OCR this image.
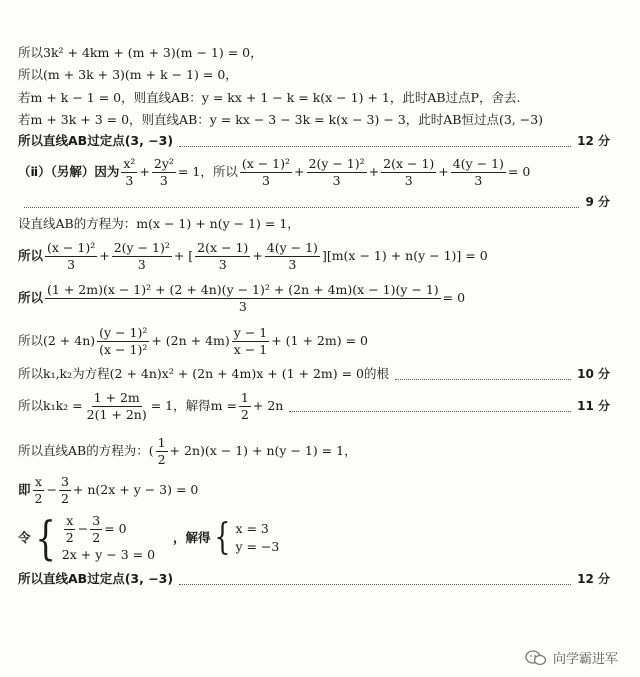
所以3k² + 4km + (m + 3)(m − 1) = 0，
所以(m + 3k + 3)(m + k − 1) = 0，
若m + k − 1 = 0，则直线AB：y = kx + 1 − k = k(x − 1) + 1，此时AB过点P，舍去.
若m + 3k + 3 = 0，则直线AB：y = kx − 3 − 3k = k(x − 3) − 3，此时AB恒过点(3, −3)
所以直线AB过定点(3, −3)	12 分
（ⅱ）（另解）因为 $\frac{\text{x²}}{3} + \frac{\text{2y²}}{3} = 1$，所以 $\frac{\text{(x − 1)²}}{3} + \frac{\text{2(y − 1)²}}{3} + \frac{2(x - 1)}{3} + \frac{4(y - 1)}{3} = 0$
9 分
设直线AB的方程为：m(x − 1) + n(y − 1) = 1，
所以 $\frac{\text{(x − 1)²}}{3} + \frac{\text{2(y − 1)²}}{3}$ + [ $\frac{2(x - 1)}{3} + \frac{4(y - 1)}{3} ][m(x - 1) + n(y - 1)] = 0$
所以
(1 + 2m)(x − 1)² + (2 + 4n)(y − 1)² + (2n + 4m)(x − 1)(y − 1)
3
= 0
所以$(2 + 4n) \frac{\text{(y − 1)²}}{\text{(x − 1)²}} + (2n + 4m) \frac{y - 1}{x - 1} + (1 + 2m) = 0$
所以k₁,k₂为方程(2 + 4n)x² + (2n + 4m)x + (1 + 2m) = 0的根	10 分
所以$k_1k_2 = \frac{1 + 2m}{2(1 + 2n)} = 1$，解得$m = \frac{1}{2} + 2n$	11 分
所以直线AB的方程为：( $\frac{1}{2} + 2n)(x - 1) + n(y - 1) = 1$，
即 $\frac{x}{2} - \frac{3}{2} + n(2x + y - 3) = 0$
令 { $\frac{x}{2} - \frac{3}{2} = 0$
2x + y − 3 = 0
，解得 { x = 3
y = −3
所以直线AB过定点(3, −3)	12 分
向学霸进军
